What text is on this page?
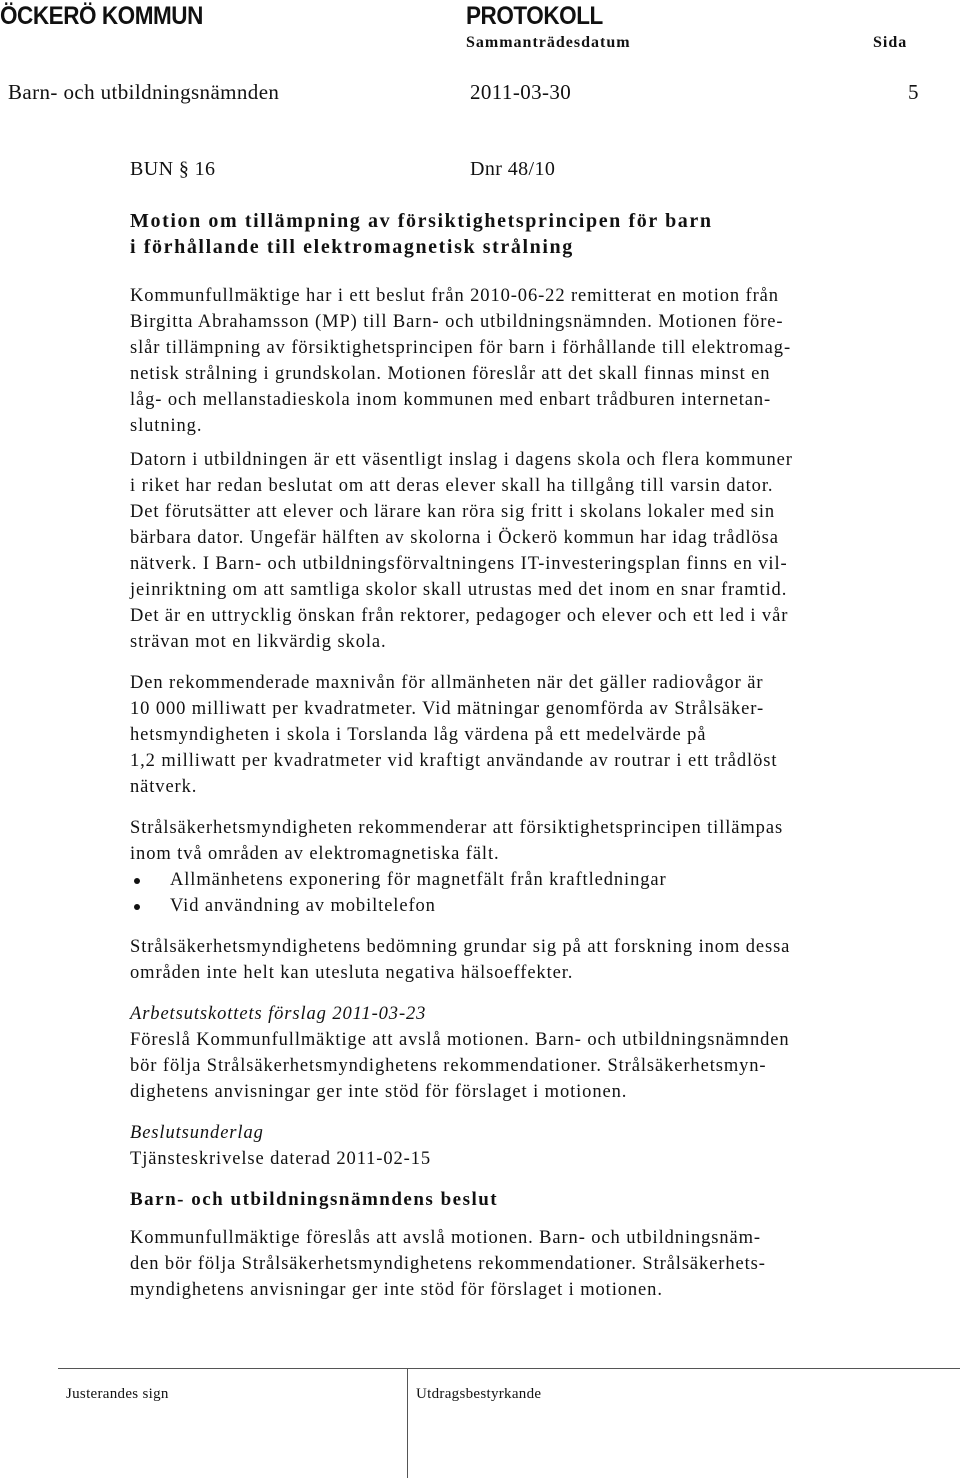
ÖCKERÖ KOMMUN	PROTOKOLL
Sammanträdesdatum	Sida
Barn- och utbildningsnämnden	2011-03-30	5
BUN § 16	Dnr 48/10
Motion om tillämpning av försiktighetsprincipen för barn
i förhållande till elektromagnetisk strålning

Kommunfullmäktige har i ett beslut från 2010-06-22 remitterat en motion från
Birgitta Abrahamsson (MP) till Barn- och utbildningsnämnden. Motionen före-
slår tillämpning av försiktighetsprincipen för barn i förhållande till elektromag-
netisk strålning i grundskolan. Motionen föreslår att det skall finnas minst en
låg- och mellanstadieskola inom kommunen med enbart trådburen internetan-
slutning.

Datorn i utbildningen är ett väsentligt inslag i dagens skola och flera kommuner
i riket har redan beslutat om att deras elever skall ha tillgång till varsin dator.
Det förutsätter att elever och lärare kan röra sig fritt i skolans lokaler med sin
bärbara dator. Ungefär hälften av skolorna i Öckerö kommun har idag trådlösa
nätverk. I Barn- och utbildningsförvaltningens IT-investeringsplan finns en vil-
jeinriktning om att samtliga skolor skall utrustas med det inom en snar framtid.
Det är en uttrycklig önskan från rektorer, pedagoger och elever och ett led i vår
strävan mot en likvärdig skola.

Den rekommenderade maxnivån för allmänheten när det gäller radiovågor är
10 000 milliwatt per kvadratmeter. Vid mätningar genomförda av Strålsäker-
hetsmyndigheten i skola i Torslanda låg värdena på ett medelvärde på
1,2 milliwatt per kvadratmeter vid kraftigt användande av routrar i ett trådlöst
nätverk.

Strålsäkerhetsmyndigheten rekommenderar att försiktighetsprincipen tillämpas
inom två områden av elektromagnetiska fält.

Allmänhetens exponering för magnetfält från kraftledningar
Vid användning av mobiltelefon

Strålsäkerhetsmyndighetens bedömning grundar sig på att forskning inom dessa
områden inte helt kan utesluta negativa hälsoeffekter.

Arbetsutskottets förslag 2011-03-23
Föreslå Kommunfullmäktige att avslå motionen. Barn- och utbildningsnämnden
bör följa Strålsäkerhetsmyndighetens rekommendationer. Strålsäkerhetsmyn-
dighetens anvisningar ger inte stöd för förslaget i motionen.

Beslutsunderlag
Tjänsteskrivelse daterad 2011-02-15

Barn- och utbildningsnämndens beslut
Kommunfullmäktige föreslås att avslå motionen. Barn- och utbildningsnäm-
den bör följa Strålsäkerhetsmyndighetens rekommendationer. Strålsäkerhets-
myndighetens anvisningar ger inte stöd för förslaget i motionen.

Justerandes sign	Utdragsbestyrkande
